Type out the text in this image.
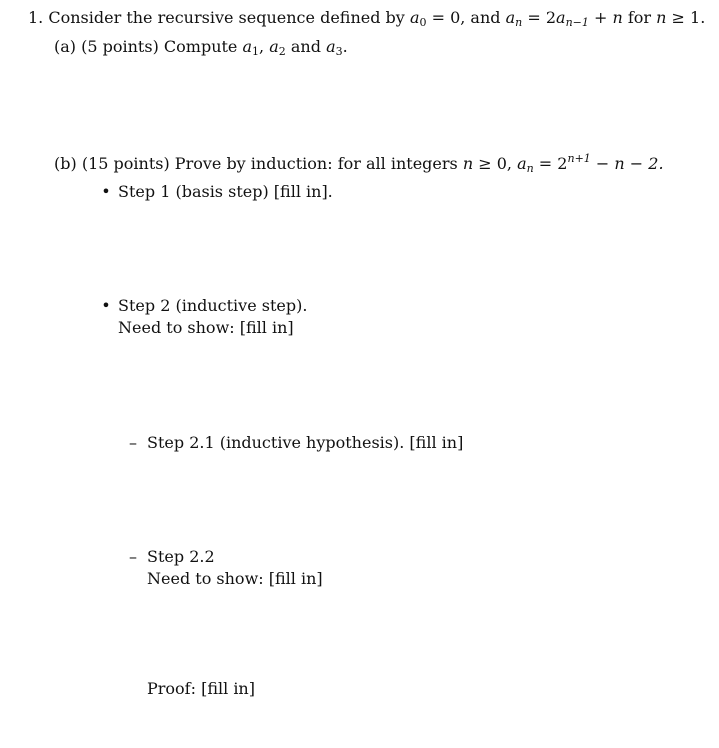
1. Consider the recursive sequence defined by $a_0 = 0$, and $a_n = 2a_{n-1} + n$ for n ≥ 1.
(a) (5 points) Compute $a_1$, $a_2$ and $a_3$.
(b) (15 points) Prove by induction: for all integers n ≥ 0, $a_n = 2^{n+1} - n - 2$.
• Step 1 (basis step) [fill in].
• Step 2 (inductive step).
Need to show: [fill in]
– Step 2.1 (inductive hypothesis). [fill in]
– Step 2.2
Need to show: [fill in]
Proof: [fill in]
